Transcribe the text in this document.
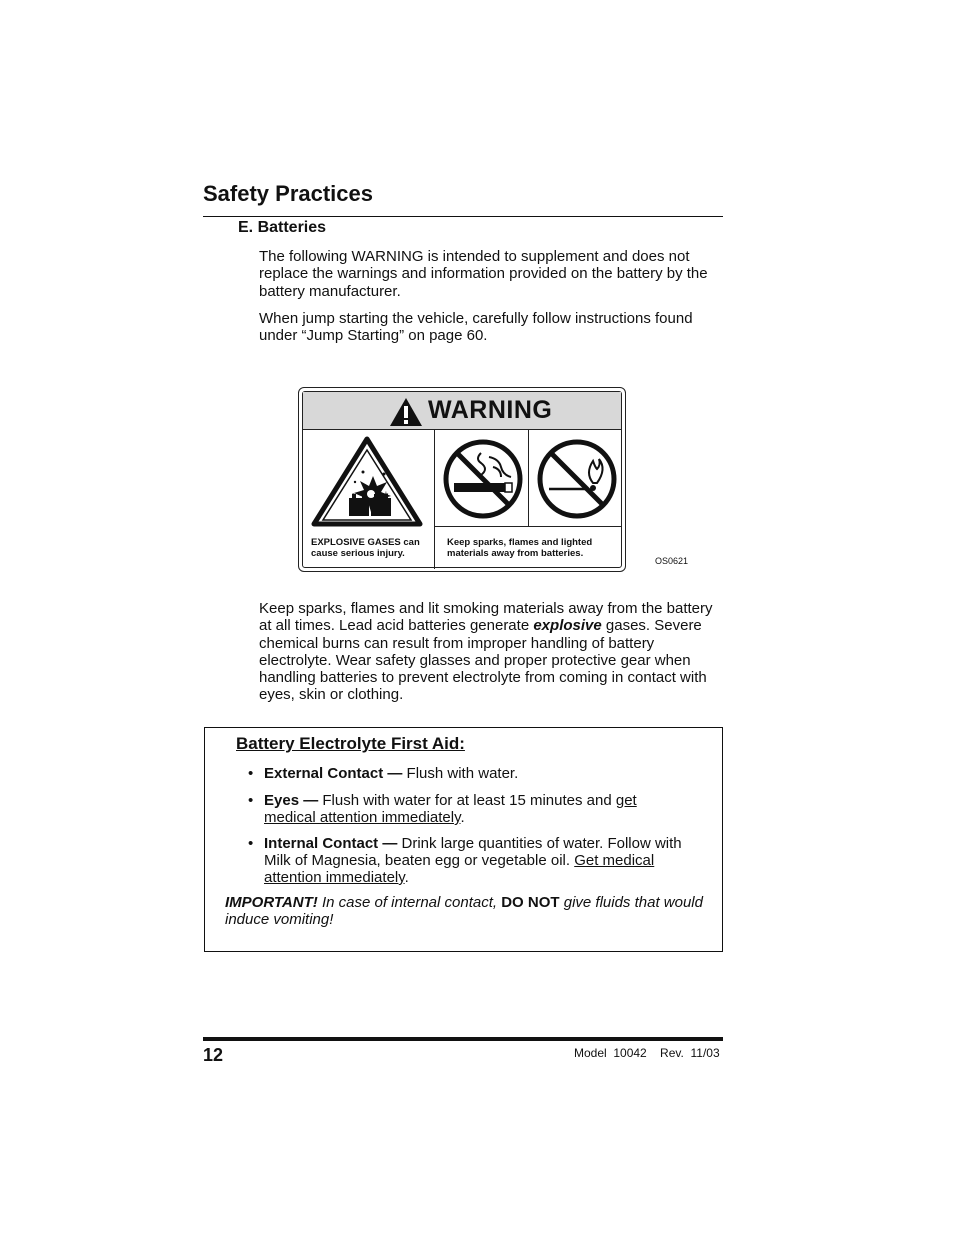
Safety Practices
E. Batteries
The following WARNING is intended to supplement and does not replace the warnings and information provided on the battery by the battery manufacturer.
When jump starting the vehicle, carefully follow instructions found under “Jump Starting” on page 60.
WARNING
-	+
EXPLOSIVE GASES can
cause serious injury.
Keep sparks, flames and lighted
materials away from batteries.
OS0621
Keep sparks, flames and lit smoking materials away from the battery at all times. Lead acid batteries generate explosive gases. Severe chemical burns can result from improper handling of battery electrolyte. Wear safety glasses and proper protective gear when handling batteries to prevent electrolyte from coming in contact with eyes, skin or clothing.
Battery Electrolyte First Aid:
• External Contact — Flush with water.
• Eyes — Flush with water for at least 15 minutes and get medical attention immediately.
• Internal Contact — Drink large quantities of water. Follow with Milk of Magnesia, beaten egg or vegetable oil. Get medical attention immediately.
IMPORTANT! In case of internal contact, DO NOT give fluids that would induce vomiting!
12	Model  10042    Rev.  11/03
